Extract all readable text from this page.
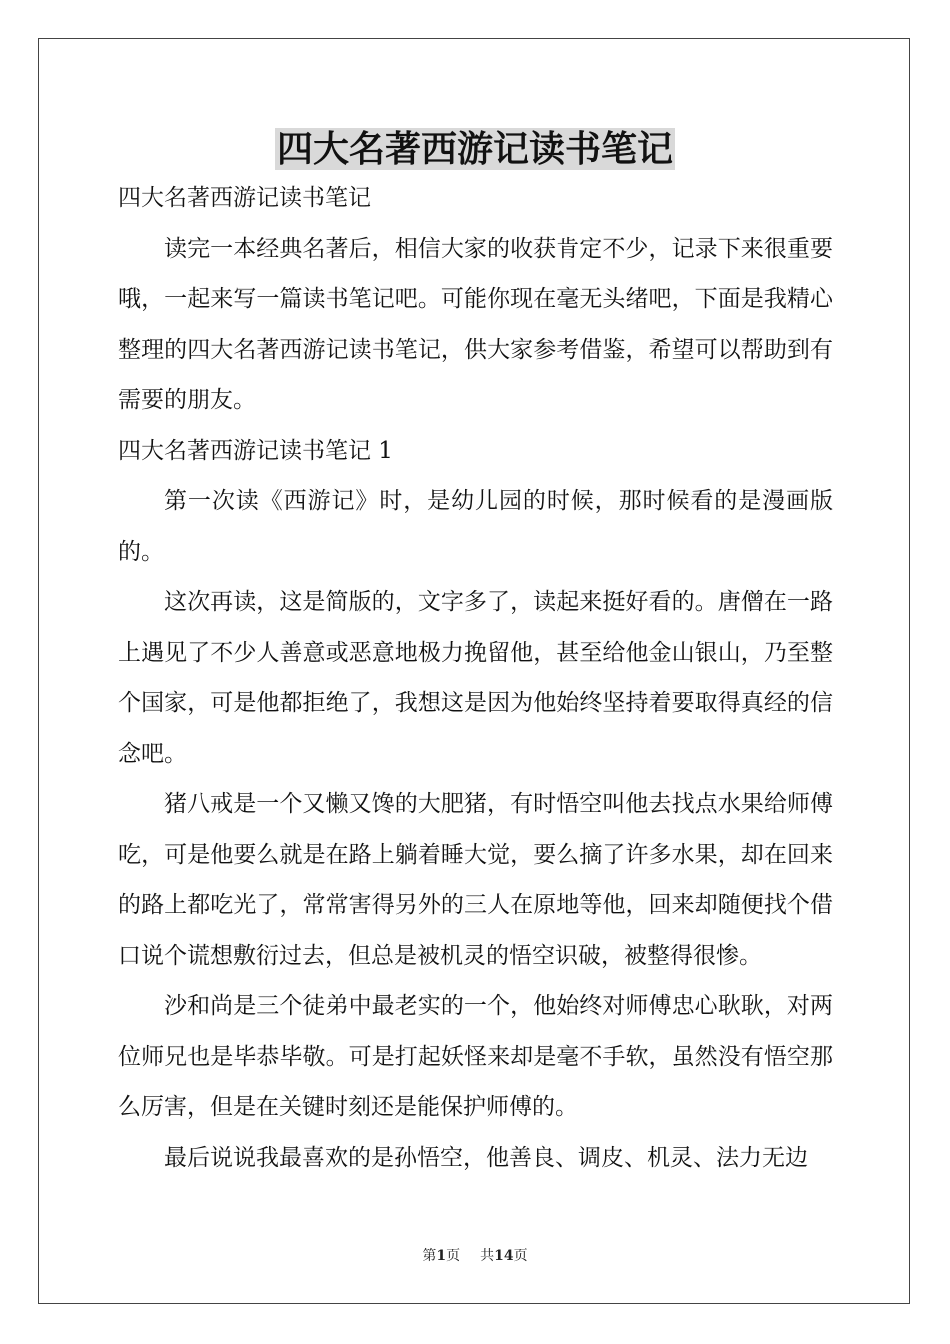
四大名著西游记读书笔记

四大名著西游记读书笔记

读完一本经典名著后，相信大家的收获肯定不少，记录下来很重要哦，一起来写一篇读书笔记吧。可能你现在毫无头绪吧，下面是我精心整理的四大名著西游记读书笔记，供大家参考借鉴，希望可以帮助到有需要的朋友。

四大名著西游记读书笔记 1

第一次读《西游记》时，是幼儿园的时候，那时候看的是漫画版的。

这次再读，这是简版的，文字多了，读起来挺好看的。唐僧在一路上遇见了不少人善意或恶意地极力挽留他，甚至给他金山银山，乃至整个国家，可是他都拒绝了，我想这是因为他始终坚持着要取得真经的信念吧。

猪八戒是一个又懒又馋的大肥猪，有时悟空叫他去找点水果给师傅吃，可是他要么就是在路上躺着睡大觉，要么摘了许多水果，却在回来的路上都吃光了，常常害得另外的三人在原地等他，回来却随便找个借口说个谎想敷衍过去，但总是被机灵的悟空识破，被整得很惨。

沙和尚是三个徒弟中最老实的一个，他始终对师傅忠心耿耿，对两位师兄也是毕恭毕敬。可是打起妖怪来却是毫不手软，虽然没有悟空那么厉害，但是在关键时刻还是能保护师傅的。

最后说说我最喜欢的是孙悟空，他善良、调皮、机灵、法力无边

第1页 共14页
